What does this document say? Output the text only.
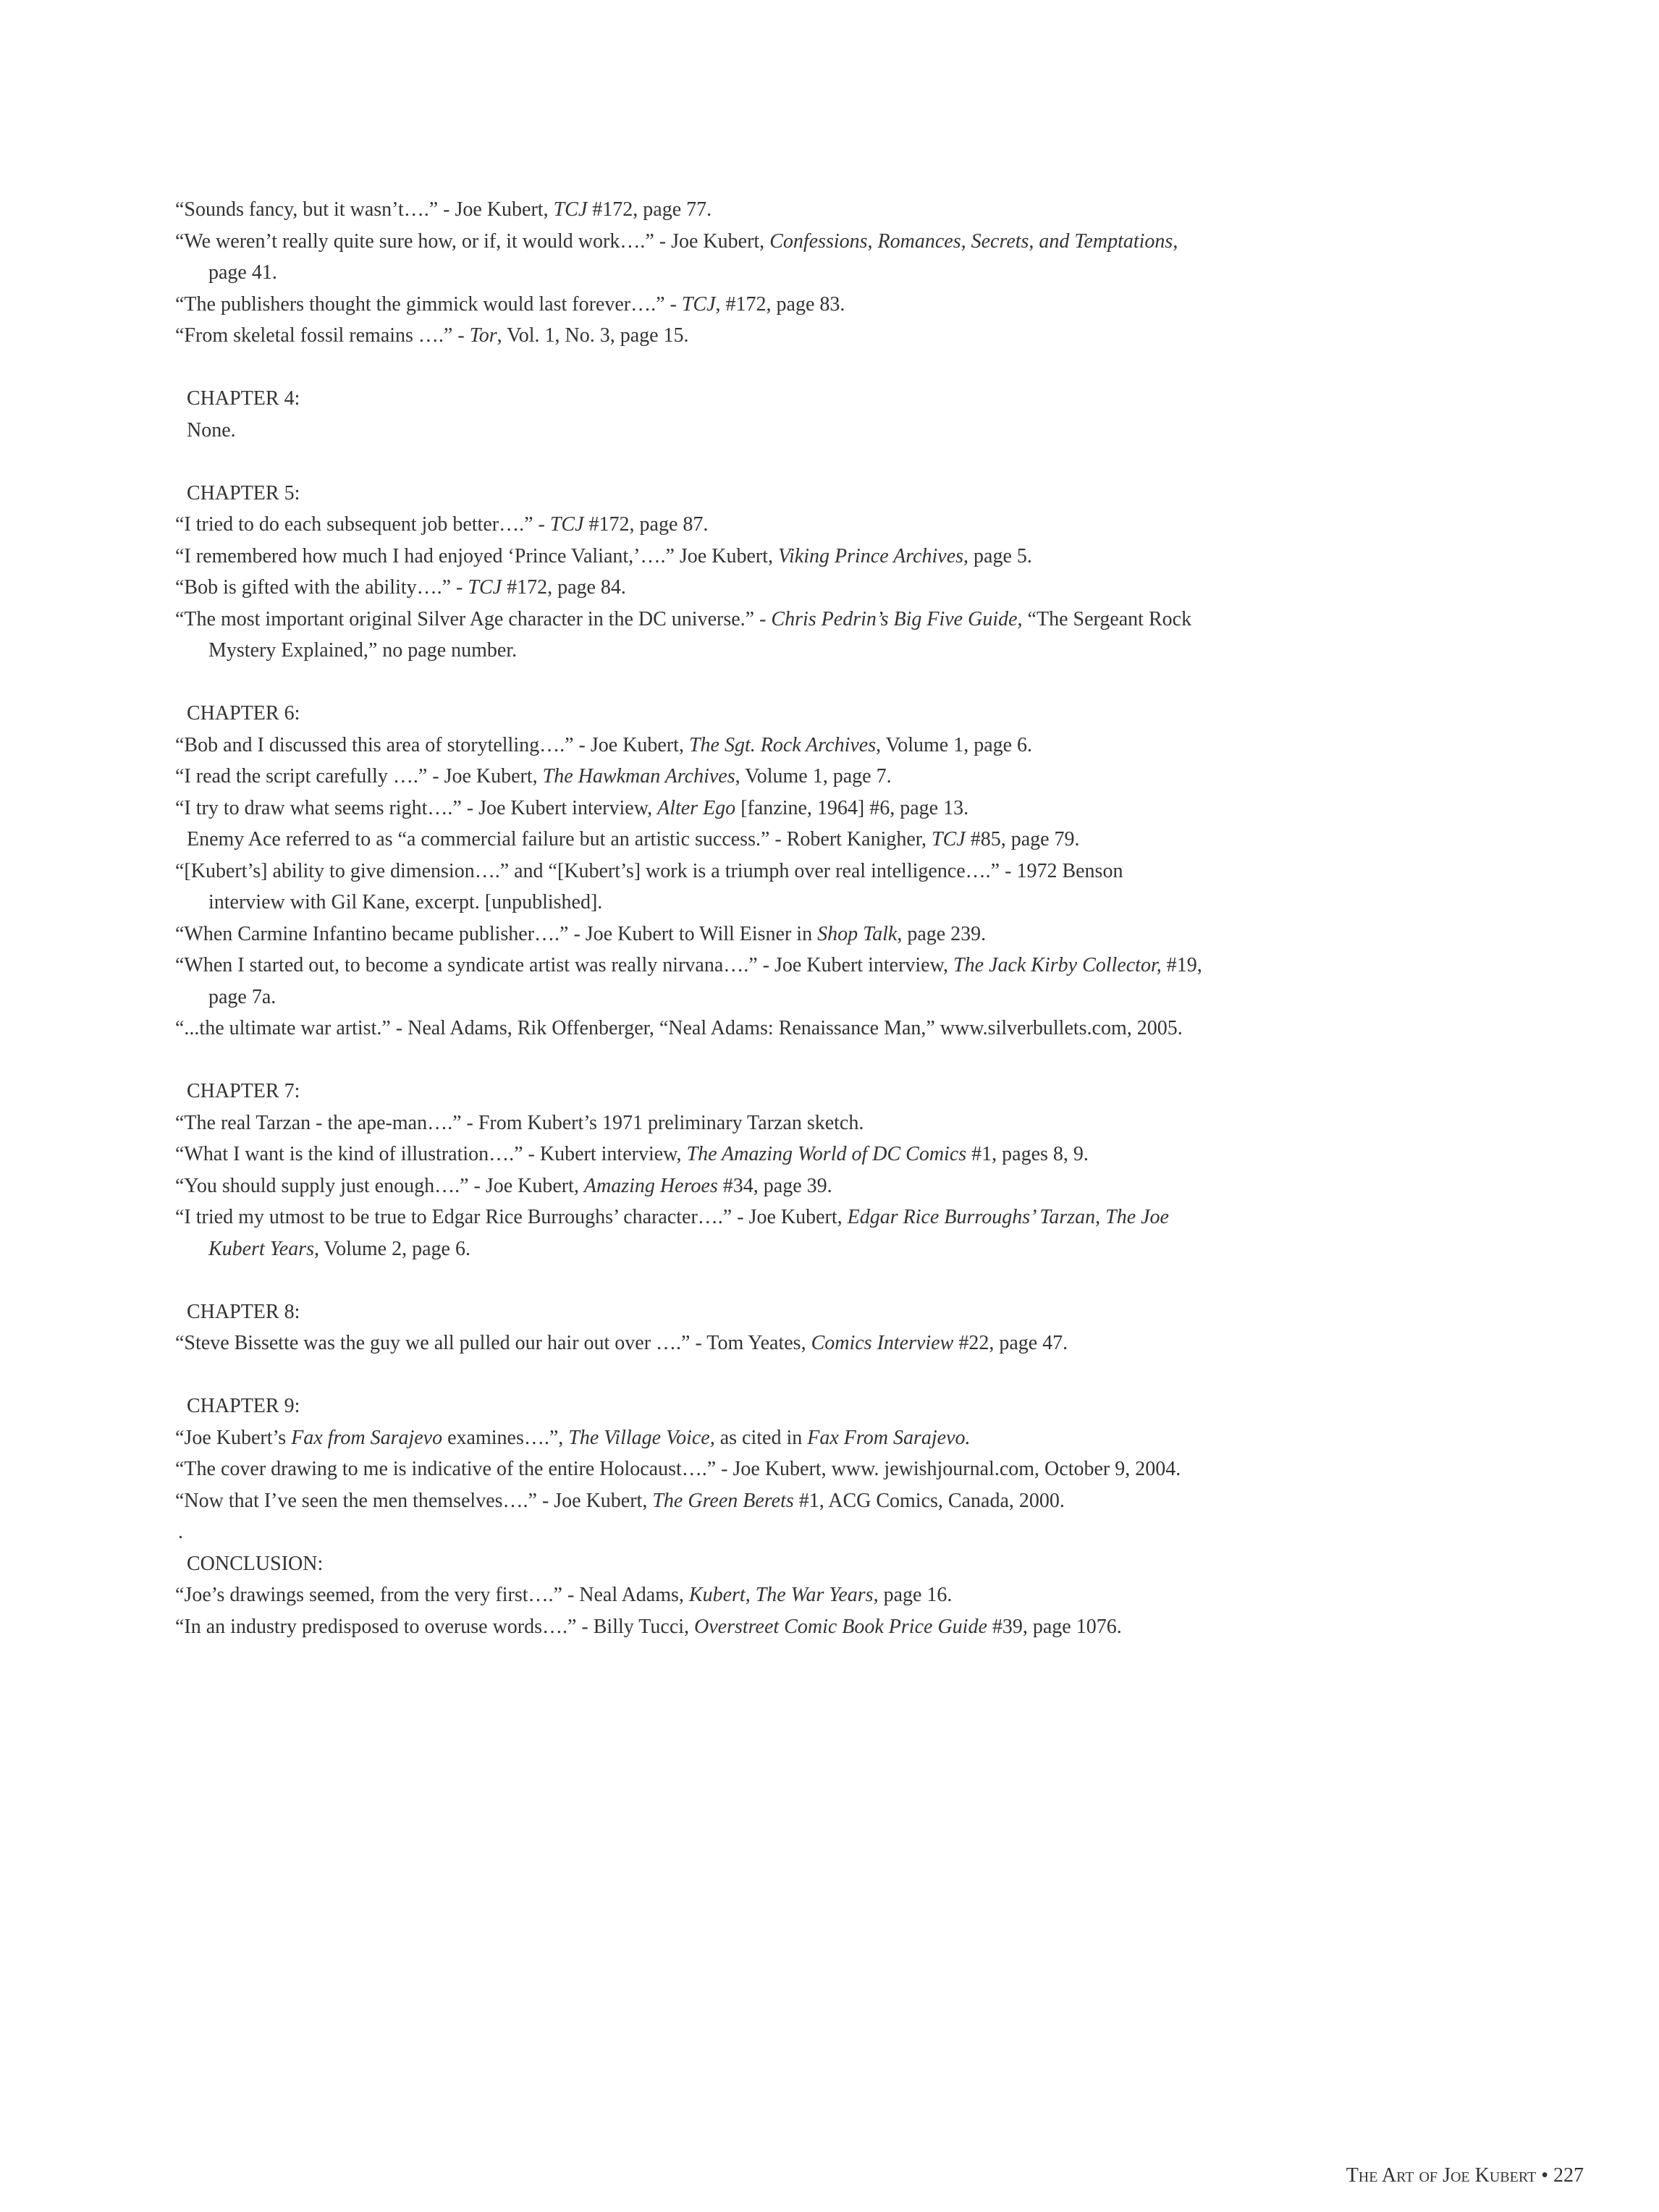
“Sounds fancy, but it wasn’t….” - Joe Kubert, TCJ #172, page 77.
“We weren’t really quite sure how, or if, it would work….” - Joe Kubert, Confessions, Romances, Secrets, and Temptations, page 41.
“The publishers thought the gimmick would last forever….” - TCJ, #172, page 83.
“From skeletal fossil remains ….” - Tor, Vol. 1, No. 3, page 15.
CHAPTER 4:
None.
CHAPTER 5:
“I tried to do each subsequent job better….” - TCJ #172, page 87.
“I remembered how much I had enjoyed ‘Prince Valiant,’….” Joe Kubert, Viking Prince Archives, page 5.
“Bob is gifted with the ability….” - TCJ #172, page 84.
“The most important original Silver Age character in the DC universe.” - Chris Pedrin’s Big Five Guide, “The Sergeant Rock Mystery Explained,” no page number.
CHAPTER 6:
“Bob and I discussed this area of storytelling….” - Joe Kubert, The Sgt. Rock Archives, Volume 1, page 6.
“I read the script carefully ….” - Joe Kubert, The Hawkman Archives, Volume 1, page 7.
“I try to draw what seems right….” - Joe Kubert interview, Alter Ego [fanzine, 1964] #6, page 13.
Enemy Ace referred to as “a commercial failure but an artistic success.” - Robert Kanigher, TCJ #85, page 79.
“[Kubert’s] ability to give dimension….” and “[Kubert’s] work is a triumph over real intelligence….” - 1972 Benson interview with Gil Kane, excerpt. [unpublished].
“When Carmine Infantino became publisher….” - Joe Kubert to Will Eisner in Shop Talk, page 239.
“When I started out, to become a syndicate artist was really nirvana….” - Joe Kubert interview, The Jack Kirby Collector, #19, page 7a.
“...the ultimate war artist.” - Neal Adams, Rik Offenberger, “Neal Adams: Renaissance Man,” www.silverbullets.com, 2005.
CHAPTER 7:
“The real Tarzan - the ape-man….” - From Kubert’s 1971 preliminary Tarzan sketch.
“What I want is the kind of illustration….” - Kubert interview, The Amazing World of DC Comics #1, pages 8, 9.
“You should supply just enough….” - Joe Kubert, Amazing Heroes #34, page 39.
“I tried my utmost to be true to Edgar Rice Burroughs’ character….” - Joe Kubert, Edgar Rice Burroughs’ Tarzan, The Joe Kubert Years, Volume 2, page 6.
CHAPTER 8:
“Steve Bissette was the guy we all pulled our hair out over ….” - Tom Yeates, Comics Interview #22, page 47.
CHAPTER 9:
“Joe Kubert’s Fax from Sarajevo examines….”, The Village Voice, as cited in Fax From Sarajevo.
“The cover drawing to me is indicative of the entire Holocaust….” - Joe Kubert, www. jewishjournal.com, October 9, 2004.
“Now that I’ve seen the men themselves….” - Joe Kubert, The Green Berets #1, ACG Comics, Canada, 2000.
.
CONCLUSION:
“Joe’s drawings seemed, from the very first….” - Neal Adams, Kubert, The War Years, page 16.
“In an industry predisposed to overuse words….” - Billy Tucci, Overstreet Comic Book Price Guide #39, page 1076.
The Art of Joe Kubert • 227
